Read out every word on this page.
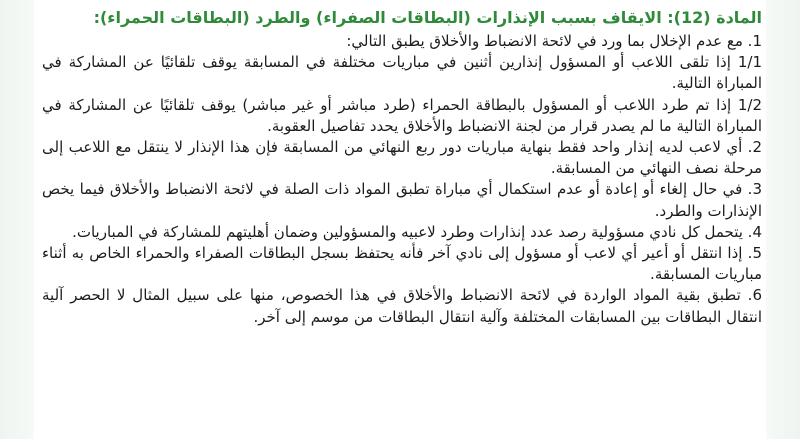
المادة (12): الايقاف بسبب الإنذارات (البطاقات الصفراء) والطرد (البطاقات الحمراء):

1. مع عدم الإخلال بما ورد في لائحة الانضباط والأخلاق يطبق التالي:

1/1 إذا تلقى اللاعب أو المسؤول إنذارين أثنين في مباريات مختلفة في المسابقة يوقف تلقائيًا عن المشاركة في المباراة التالية.

1/2 إذا تم طرد اللاعب أو المسؤول بالبطاقة الحمراء (طرد مباشر أو غير مباشر) يوقف تلقائيًا عن المشاركة في المباراة التالية ما لم يصدر قرار من لجنة الانضباط والأخلاق يحدد تفاصيل العقوبة.

2. أي لاعب لديه إنذار واحد فقط بنهاية مباريات دور ربع النهائي من المسابقة فإن هذا الإنذار لا ينتقل مع اللاعب إلى مرحلة نصف النهائي من المسابقة.

3. في حال إلغاء أو إعادة أو عدم استكمال أي مباراة تطبق المواد ذات الصلة في لائحة الانضباط والأخلاق فيما يخص الإنذارات والطرد.

4. يتحمل كل نادي مسؤولية رصد عدد إنذارات وطرد لاعبيه والمسؤولين وضمان أهليتهم للمشاركة في المباريات.

5. إذا انتقل أو أعير أي لاعب أو مسؤول إلى نادي آخر فأنه يحتفظ بسجل البطاقات الصفراء والحمراء الخاص به أثناء مباريات المسابقة.

6. تطبق بقية المواد الواردة في لائحة الانضباط والأخلاق في هذا الخصوص، منها على سبيل المثال لا الحصر آلية انتقال البطاقات بين المسابقات المختلفة وآلية انتقال البطاقات من موسم إلى آخر.
